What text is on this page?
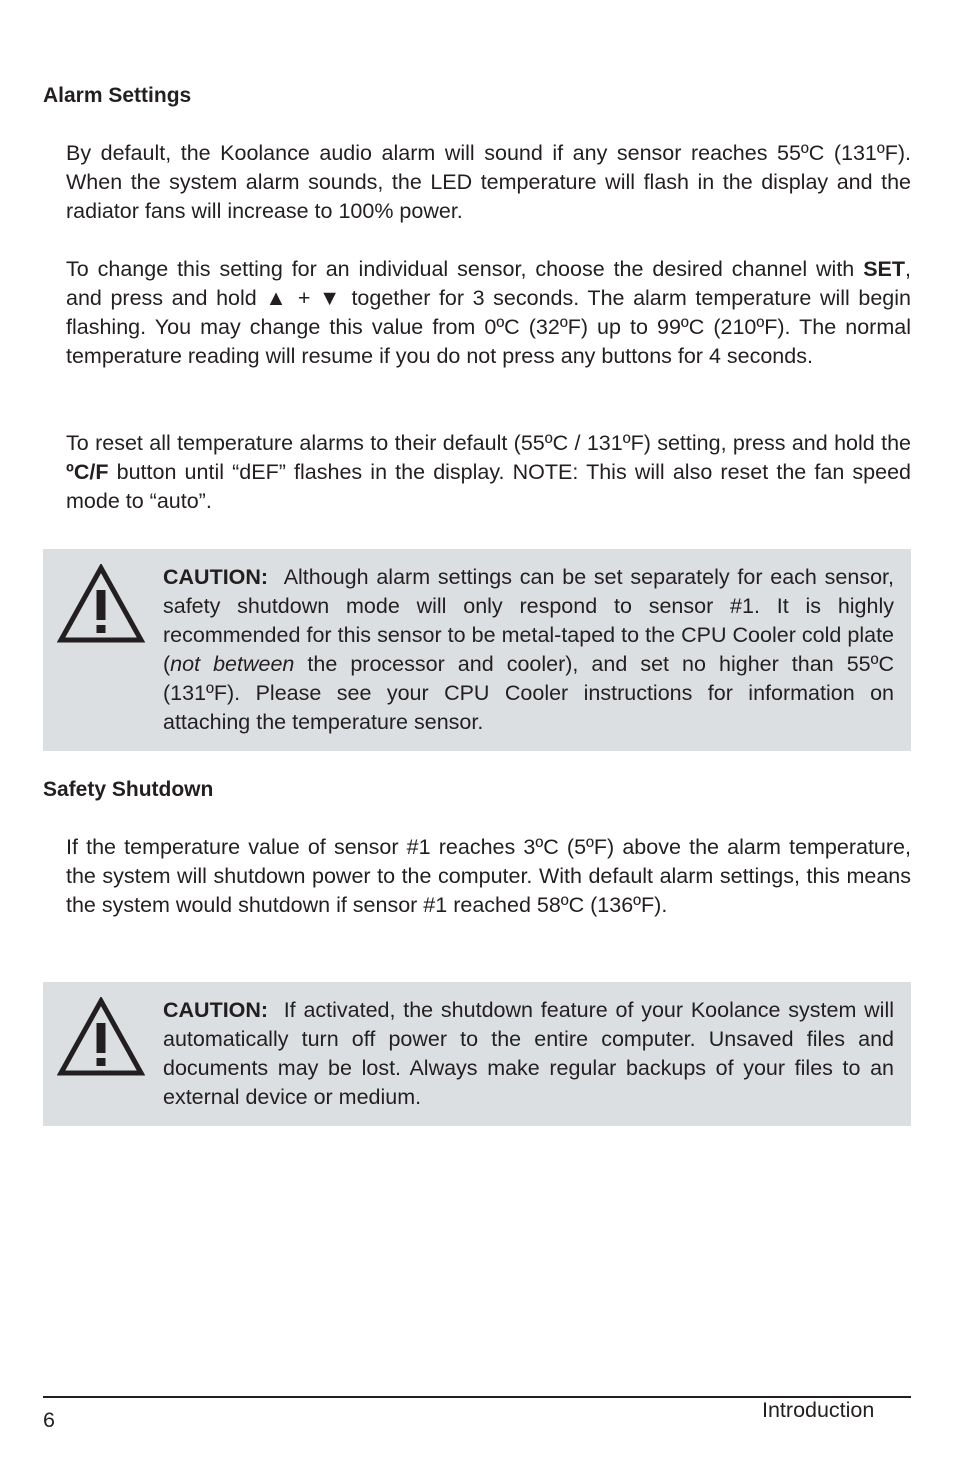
Alarm Settings

By default, the Koolance audio alarm will sound if any sensor reaches 55ºC (131ºF). When the system alarm sounds, the LED temperature will flash in the display and the radiator fans will increase to 100% power.

To change this setting for an individual sensor, choose the desired channel with SET, and press and hold ▲ + ▼ together for 3 seconds. The alarm temperature will begin flashing. You may change this value from 0ºC (32ºF) up to 99ºC (210ºF). The normal temperature reading will resume if you do not press any buttons for 4 seconds.

To reset all temperature alarms to their default (55ºC / 131ºF) setting, press and hold the ºC/F button until “dEF” flashes in the display. NOTE: This will also reset the fan speed mode to “auto”.

CAUTION: Although alarm settings can be set separately for each sensor, safety shutdown mode will only respond to sensor #1. It is highly recommended for this sensor to be metal-taped to the CPU Cooler cold plate (not between the processor and cooler), and set no higher than 55ºC (131ºF). Please see your CPU Cooler instructions for information on attaching the temperature sensor.

Safety Shutdown

If the temperature value of sensor #1 reaches 3ºC (5ºF) above the alarm temperature, the system will shutdown power to the computer. With default alarm settings, this means the system would shutdown if sensor #1 reached 58ºC (136ºF).

CAUTION: If activated, the shutdown feature of your Koolance system will automatically turn off power to the entire computer. Unsaved files and documents may be lost. Always make regular backups of your files to an external device or medium.

6	Introduction
